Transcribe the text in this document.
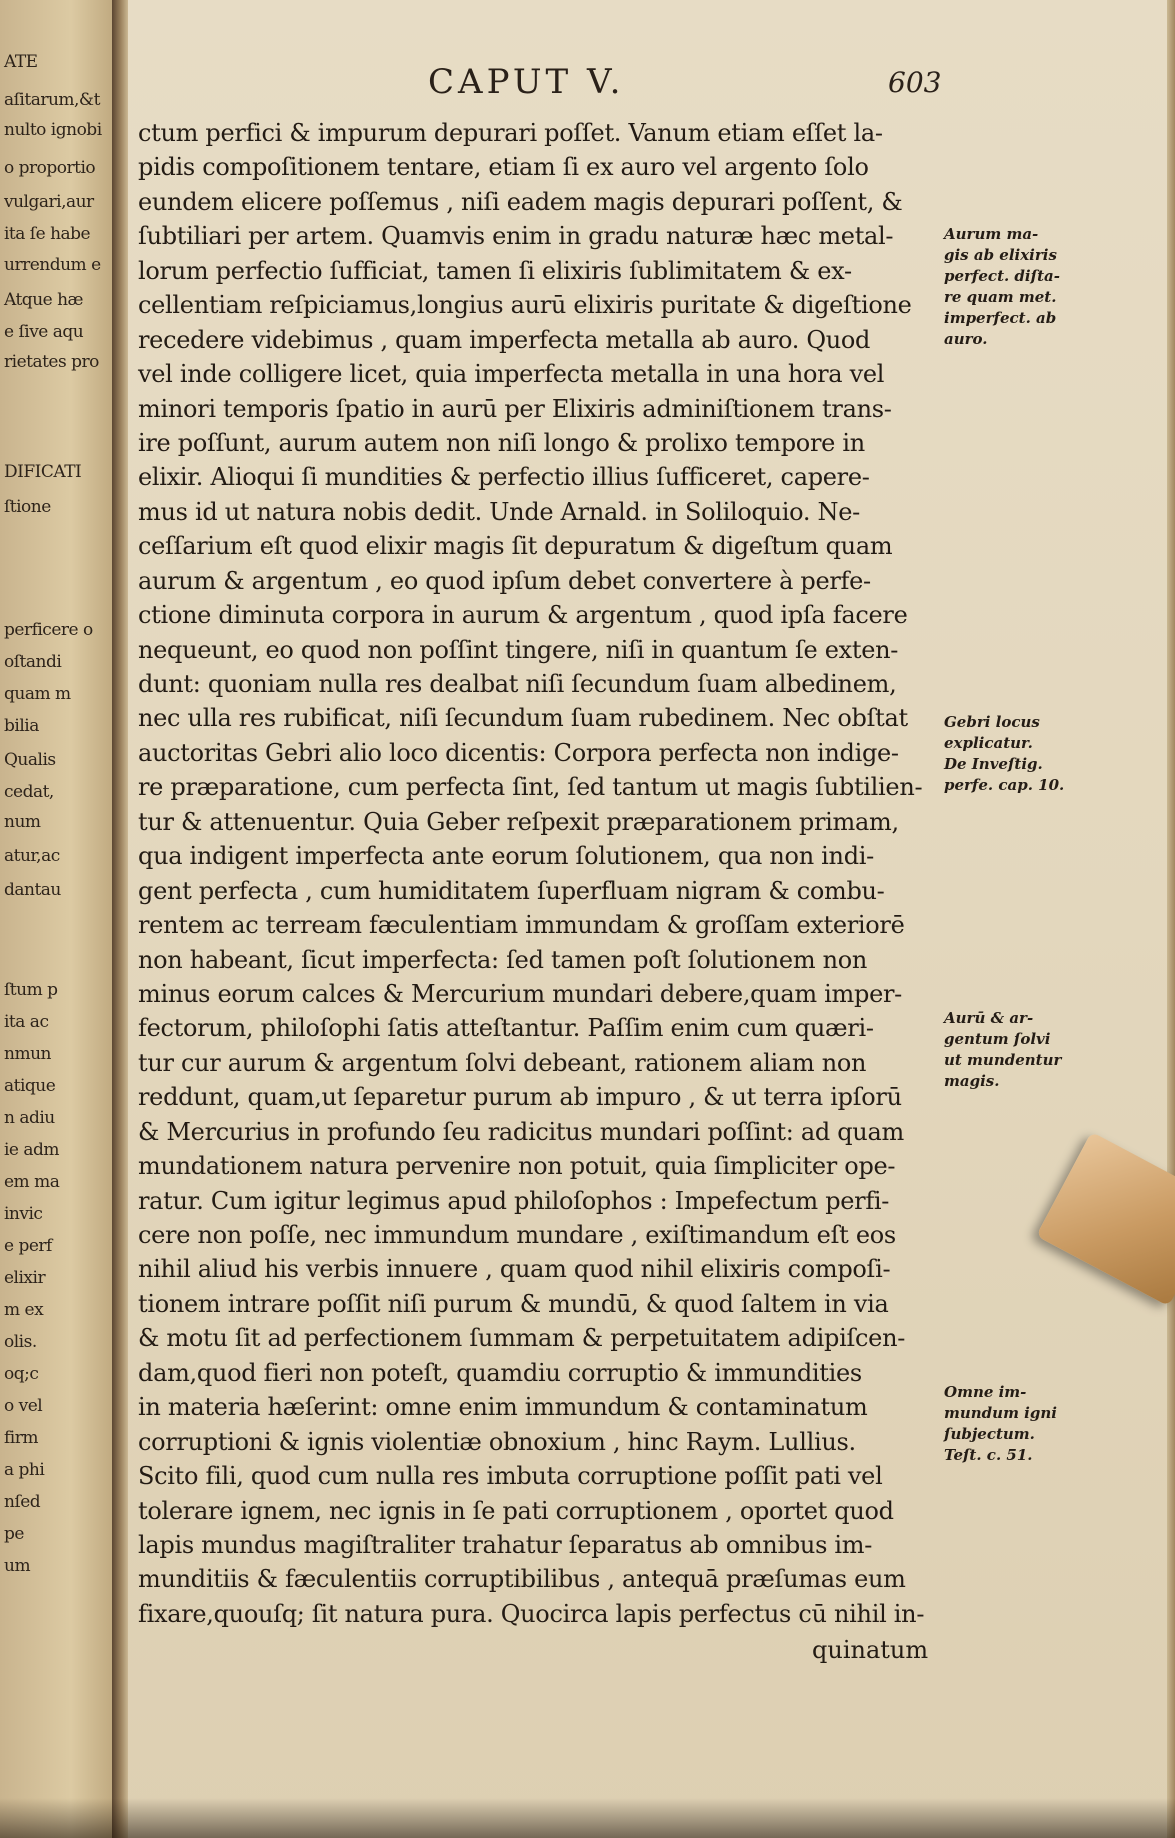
ATE
aſitarum,&t
nulto ignobi
o proportio
vulgari,aur
ita ſe habe
urrendum e
Atque hæ
e ſive aqu
rietates pro
DIFICATI
ſtione
perficere o
oſtandi
quam m
bilia
Qualis
cedat,
num
atur,ac
dantau
ſtum p
ita ac
nmun
atique
n adiu
ie adm
em ma
invic
e perf
elixir
m ex
olis.
oq;c
o vel
firm
a phi
nſed
pe
um
CAPUT V.	603
ctum perfici & impurum depurari poſſet. Vanum etiam eſſet la-
pidis compoſitionem tentare, etiam ſi ex auro vel argento ſolo
eundem elicere poſſemus , niſi eadem magis depurari poſſent, &
ſubtiliari per artem. Quamvis enim in gradu naturæ hæc metal-
lorum perfectio ſufficiat, tamen ſi elixiris ſublimitatem & ex-
cellentiam reſpiciamus,longius aurū elixiris puritate & digeſtione
recedere videbimus , quam imperfecta metalla ab auro. Quod
vel inde colligere licet, quia imperfecta metalla in una hora vel
minori temporis ſpatio in aurū per Elixiris adminiſtionem trans-
ire poſſunt, aurum autem non niſi longo & prolixo tempore in
elixir. Alioqui ſi mundities & perfectio illius ſufficeret, capere-
mus id ut natura nobis dedit. Unde Arnald. in Soliloquio. Ne-
ceſſarium eſt quod elixir magis ſit depuratum & digeſtum quam
aurum & argentum , eo quod ipſum debet convertere à perfe-
ctione diminuta corpora in aurum & argentum , quod ipſa facere
nequeunt, eo quod non poſſint tingere, niſi in quantum ſe exten-
dunt: quoniam nulla res dealbat niſi ſecundum ſuam albedinem,
nec ulla res rubificat, niſi ſecundum ſuam rubedinem. Nec obſtat
auctoritas Gebri alio loco dicentis: Corpora perfecta non indige-
re præparatione, cum perfecta ſint, ſed tantum ut magis ſubtilien-
tur & attenuentur. Quia Geber reſpexit præparationem primam,
qua indigent imperfecta ante eorum ſolutionem, qua non indi-
gent perfecta , cum humiditatem ſuperfluam nigram & combu-
rentem ac terream fæculentiam immundam & groſſam exteriorē
non habeant, ſicut imperfecta: ſed tamen poſt ſolutionem non
minus eorum calces & Mercurium mundari debere,quam imper-
fectorum, philoſophi ſatis atteſtantur. Paſſim enim cum quæri-
tur cur aurum & argentum ſolvi debeant, rationem aliam non
reddunt, quam,ut ſeparetur purum ab impuro , & ut terra ipſorū
& Mercurius in profundo ſeu radicitus mundari poſſint: ad quam
mundationem natura pervenire non potuit, quia ſimpliciter ope-
ratur. Cum igitur legimus apud philoſophos : Impefectum perfi-
cere non poſſe, nec immundum mundare , exiſtimandum eſt eos
nihil aliud his verbis innuere , quam quod nihil elixiris compoſi-
tionem intrare poſſit niſi purum & mundū, & quod ſaltem in via
& motu ſit ad perfectionem ſummam & perpetuitatem adipiſcen-
dam,quod fieri non poteſt, quamdiu corruptio & immundities
in materia hæſerint: omne enim immundum & contaminatum
corruptioni & ignis violentiæ obnoxium , hinc Raym. Lullius.
Scito fili, quod cum nulla res imbuta corruptione poſſit pati vel
tolerare ignem, nec ignis in ſe pati corruptionem , oportet quod
lapis mundus magiſtraliter trahatur ſeparatus ab omnibus im-
munditiis & fæculentiis corruptibilibus , antequā præſumas eum
fixare,quouſq; ſit natura pura. Quocirca lapis perfectus cū nihil in-
Aurum ma-
gis ab elixiris
perfect. diſta-
re quam met.
imperfect. ab
auro.
Gebri locus
explicatur.
De Inveſtig.
perfe. cap. 10.
Aurū & ar-
gentum ſolvi
ut mundentur
magis.
Omne im-
mundum igni
ſubjectum.
Teſt. c. 51.
quinatum
